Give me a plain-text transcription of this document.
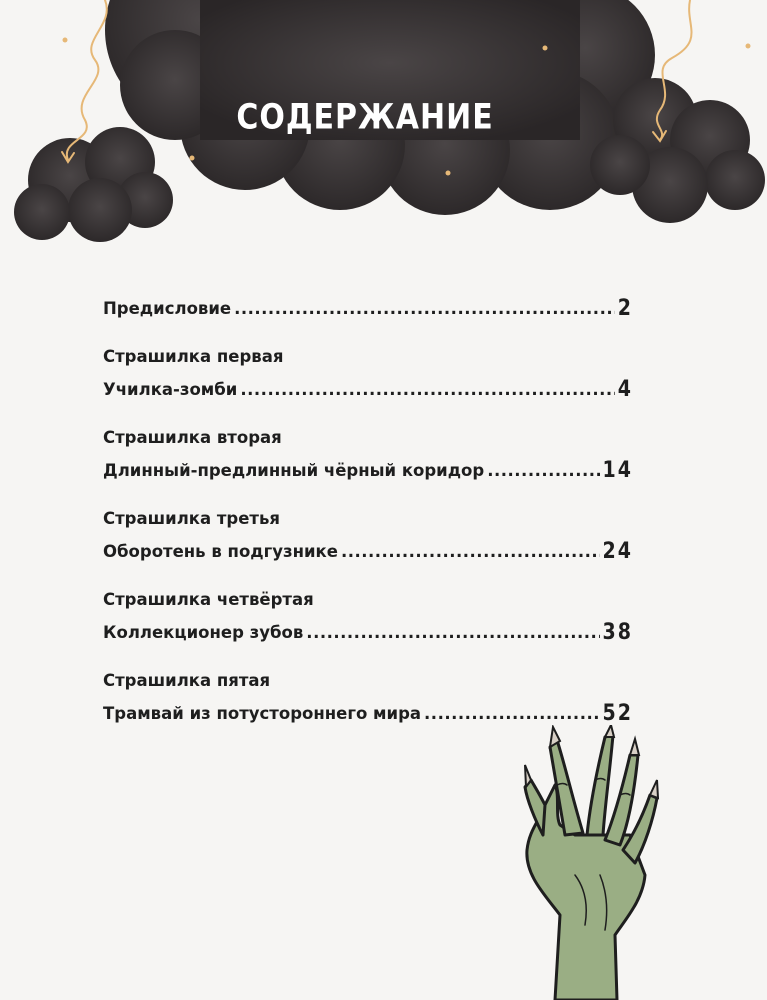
СОДЕРЖАНИЕ
Предисловие .....	2
Страшилка первая
Училка-зомби .....	4
Страшилка вторая
Длинный-предлинный чёрный коридор .....	14
Страшилка третья
Оборотень в подгузнике .....	24
Страшилка четвёртая
Коллекционер зубов .....	38
Страшилка пятая
Трамвай из потустороннего мира .....	52
